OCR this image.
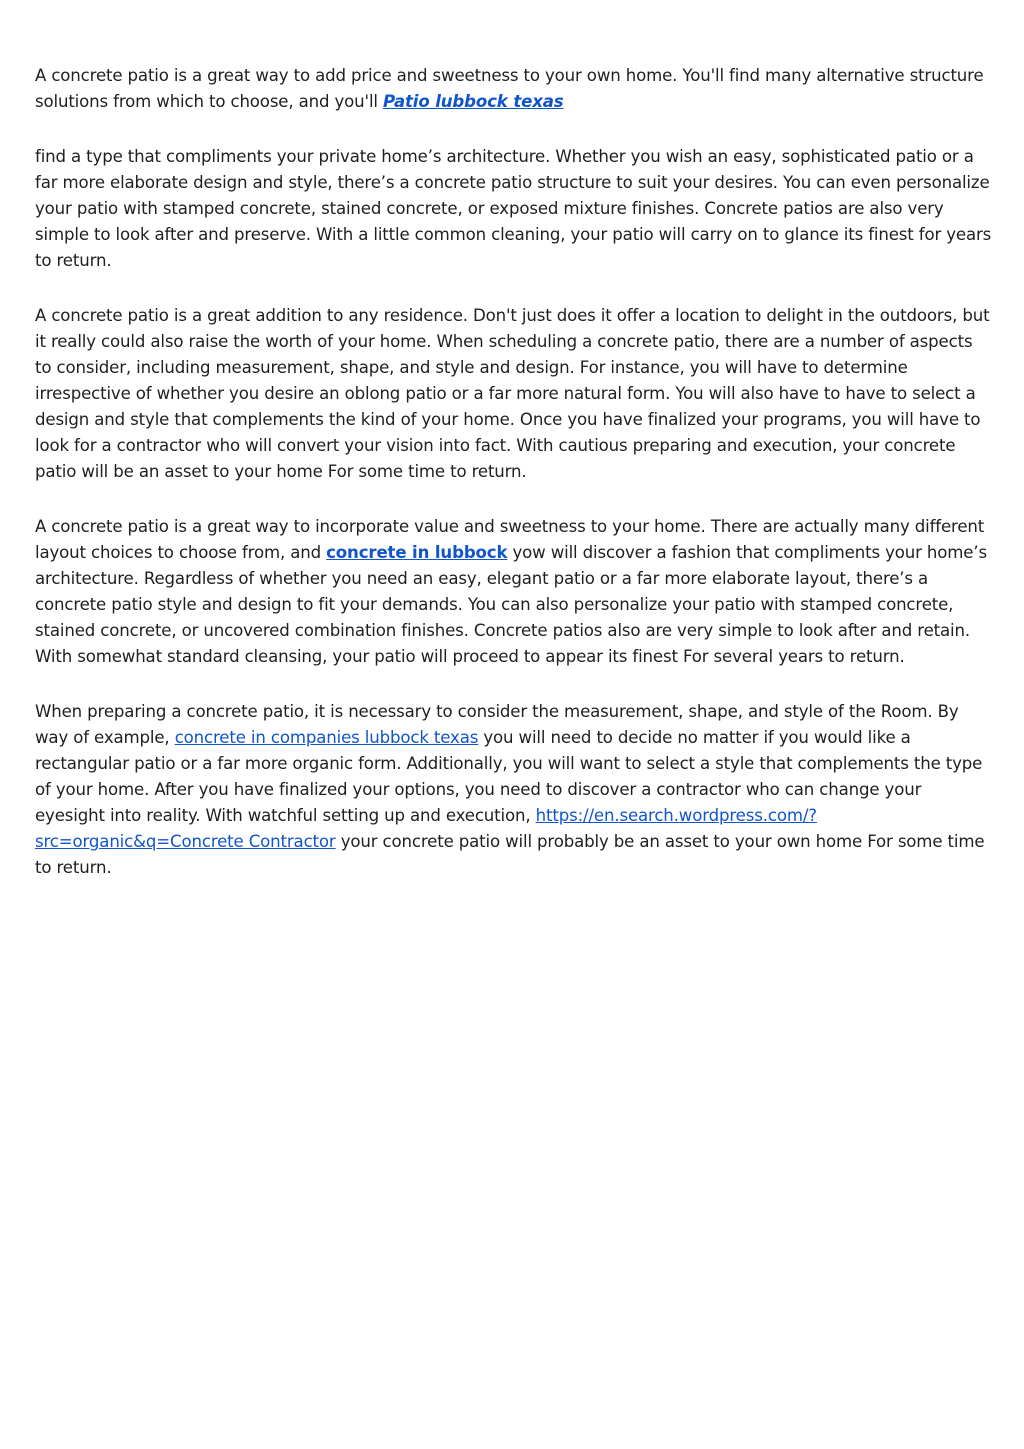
A concrete patio is a great way to add price and sweetness to your own home. You'll find many alternative structure solutions from which to choose, and you'll Patio lubbock texas

find a type that compliments your private home’s architecture. Whether you wish an easy, sophisticated patio or a far more elaborate design and style, there’s a concrete patio structure to suit your desires. You can even personalize your patio with stamped concrete, stained concrete, or exposed mixture finishes. Concrete patios are also very simple to look after and preserve. With a little common cleaning, your patio will carry on to glance its finest for years to return.

A concrete patio is a great addition to any residence. Don't just does it offer a location to delight in the outdoors, but it really could also raise the worth of your home. When scheduling a concrete patio, there are a number of aspects to consider, including measurement, shape, and style and design. For instance, you will have to determine irrespective of whether you desire an oblong patio or a far more natural form. You will also have to have to select a design and style that complements the kind of your home. Once you have finalized your programs, you will have to look for a contractor who will convert your vision into fact. With cautious preparing and execution, your concrete patio will be an asset to your home For some time to return.

A concrete patio is a great way to incorporate value and sweetness to your home. There are actually many different layout choices to choose from, and concrete in lubbock yow will discover a fashion that compliments your home’s architecture. Regardless of whether you need an easy, elegant patio or a far more elaborate layout, there’s a concrete patio style and design to fit your demands. You can also personalize your patio with stamped concrete, stained concrete, or uncovered combination finishes. Concrete patios also are very simple to look after and retain. With somewhat standard cleansing, your patio will proceed to appear its finest For several years to return.

When preparing a concrete patio, it is necessary to consider the measurement, shape, and style of the Room. By way of example, concrete in companies lubbock texas you will need to decide no matter if you would like a rectangular patio or a far more organic form. Additionally, you will want to select a style that complements the type of your home. After you have finalized your options, you need to discover a contractor who can change your eyesight into reality. With watchful setting up and execution, https://en.search.wordpress.com/?src=organic&q=Concrete Contractor your concrete patio will probably be an asset to your own home For some time to return.
